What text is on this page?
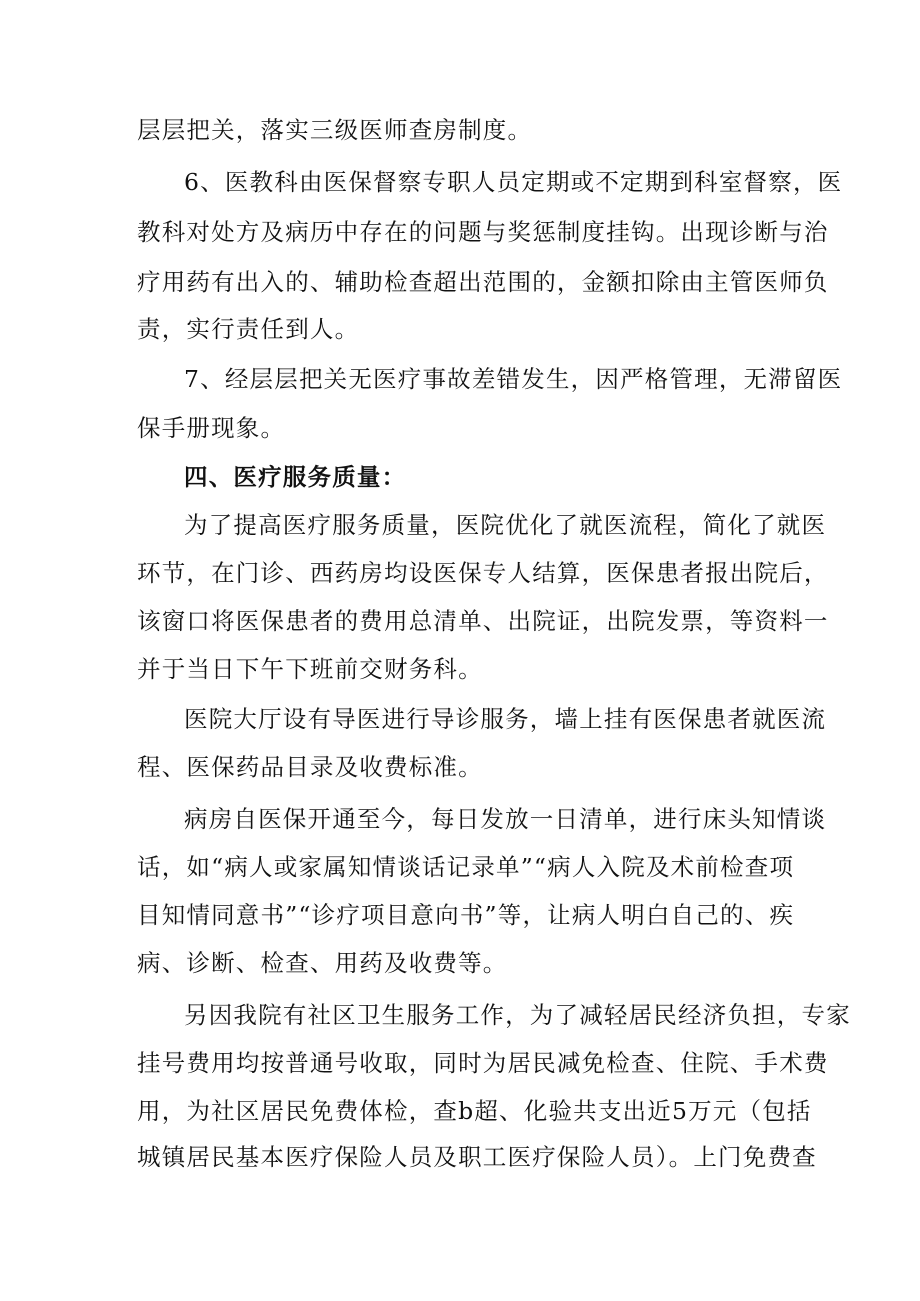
层层把关，落实三级医师查房制度。
6、医教科由医保督察专职人员定期或不定期到科室督察，医
教科对处方及病历中存在的问题与奖惩制度挂钩。出现诊断与治
疗用药有出入的、辅助检查超出范围的，金额扣除由主管医师负
责，实行责任到人。
7、经层层把关无医疗事故差错发生，因严格管理，无滞留医
保手册现象。
四、医疗服务质量：
为了提高医疗服务质量，医院优化了就医流程，简化了就医
环节，在门诊、西药房均设医保专人结算，医保患者报出院后，
该窗口将医保患者的费用总清单、出院证，出院发票，等资料一
并于当日下午下班前交财务科。
医院大厅设有导医进行导诊服务，墙上挂有医保患者就医流
程、医保药品目录及收费标准。
病房自医保开通至今，每日发放一日清单，进行床头知情谈
话，如“病人或家属知情谈话记录单”“病人入院及术前检查项
目知情同意书”“诊疗项目意向书”等，让病人明白自己的、疾
病、诊断、检查、用药及收费等。
另因我院有社区卫生服务工作，为了减轻居民经济负担，专家
挂号费用均按普通号收取，同时为居民减免检查、住院、手术费
用，为社区居民免费体检，查b超、化验共支出近5万元（包括
城镇居民基本医疗保险人员及职工医疗保险人员）。上门免费查
